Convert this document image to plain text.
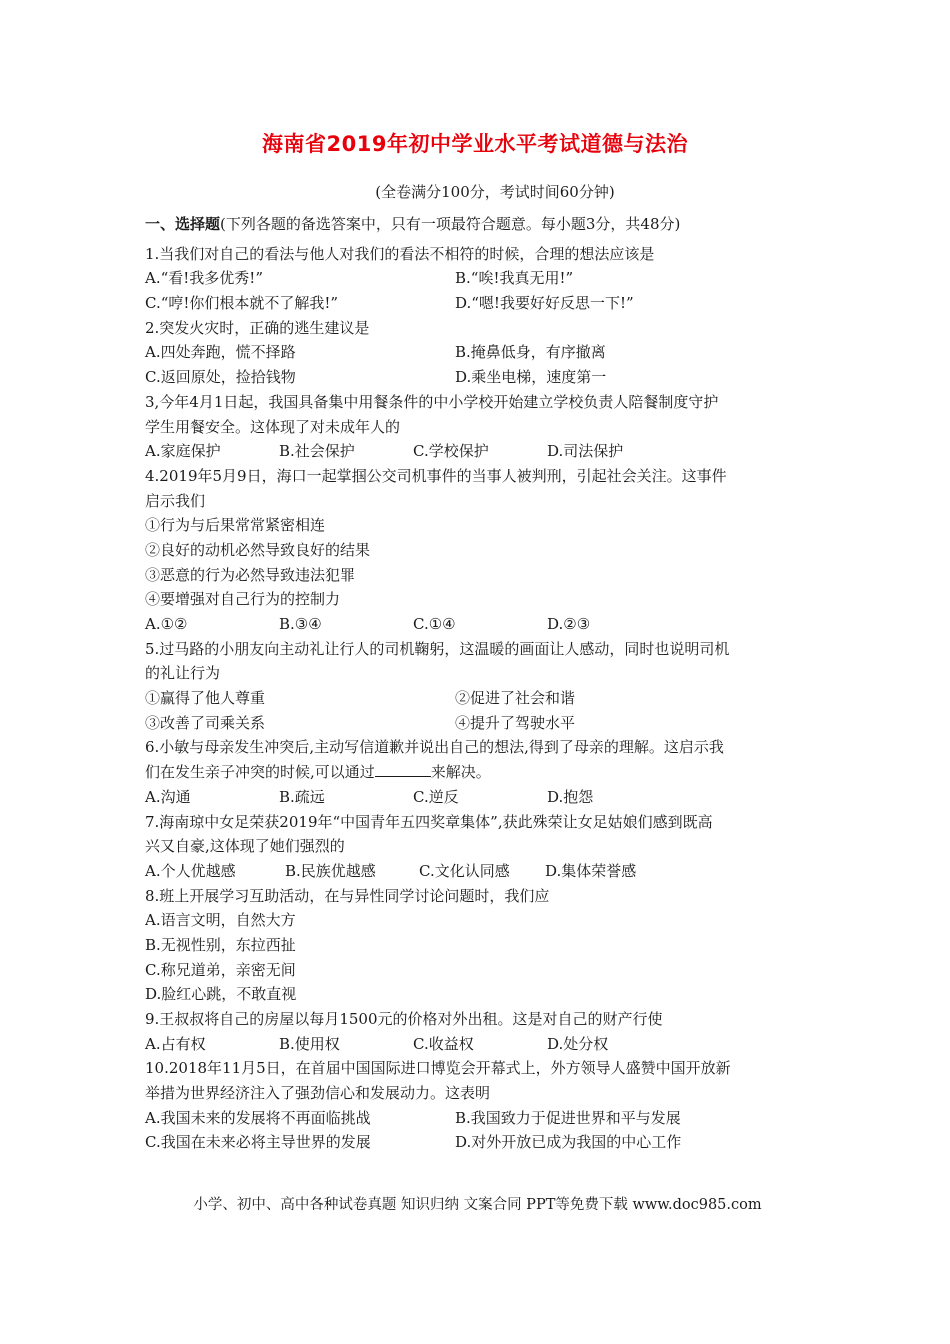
海南省2019年初中学业水平考试道德与法治
(全卷满分100分，考试时间60分钟)
一、选择题(下列各题的备选答案中，只有一项最符合题意。每小题3分，共48分)
1.当我们对自己的看法与他人对我们的看法不相符的时候，合理的想法应该是
A.“看!我多优秀!”	B.“唉!我真无用!”
C.“哼!你们根本就不了解我!”	D.“嗯!我要好好反思一下!”
2.突发火灾时，正确的逃生建议是
A.四处奔跑，慌不择路	B.掩鼻低身，有序撤离
C.返回原处，捡拾钱物	D.乘坐电梯，速度第一
3,今年4月1日起，我国具备集中用餐条件的中小学校开始建立学校负责人陪餐制度守护
学生用餐安全。这体现了对未成年人的
A.家庭保护	B.社会保护	C.学校保护	D.司法保护
4.2019年5月9日，海口一起掌掴公交司机事件的当事人被判刑，引起社会关注。这事件
启示我们
①行为与后果常常紧密相连
②良好的动机必然导致良好的结果
③恶意的行为必然导致违法犯罪
④要增强对自己行为的控制力
A.①②	B.③④	C.①④	D.②③
5.过马路的小朋友向主动礼让行人的司机鞠躬，这温暖的画面让人感动，同时也说明司机
的礼让行为
①赢得了他人尊重	②促进了社会和谐
③改善了司乘关系	④提升了驾驶水平
6.小敏与母亲发生冲突后,主动写信道歉并说出自己的想法,得到了母亲的理解。这启示我
们在发生亲子冲突的时候,可以通过	来解决。
A.沟通	B.疏远	C.逆反	D.抱怨
7.海南琼中女足荣获2019年“中国青年五四奖章集体”,获此殊荣让女足姑娘们感到既高
兴又自豪,这体现了她们强烈的
A.个人优越感	B.民族优越感	C.文化认同感	D.集体荣誉感
8.班上开展学习互助活动，在与异性同学讨论问题时，我们应
A.语言文明，自然大方
B.无视性别，东拉西扯
C.称兄道弟，亲密无间
D.脸红心跳，不敢直视
9.王叔叔将自己的房屋以每月1500元的价格对外出租。这是对自己的财产行使
A.占有权	B.使用权	C.收益权	D.处分权
10.2018年11月5日，在首届中国国际进口博览会开幕式上，外方领导人盛赞中国开放新
举措为世界经济注入了强劲信心和发展动力。这表明
A.我国未来的发展将不再面临挑战	B.我国致力于促进世界和平与发展
C.我国在未来必将主导世界的发展	D.对外开放已成为我国的中心工作
小学、初中、高中各种试卷真题 知识归纳 文案合同 PPT等免费下载 www.doc985.com
